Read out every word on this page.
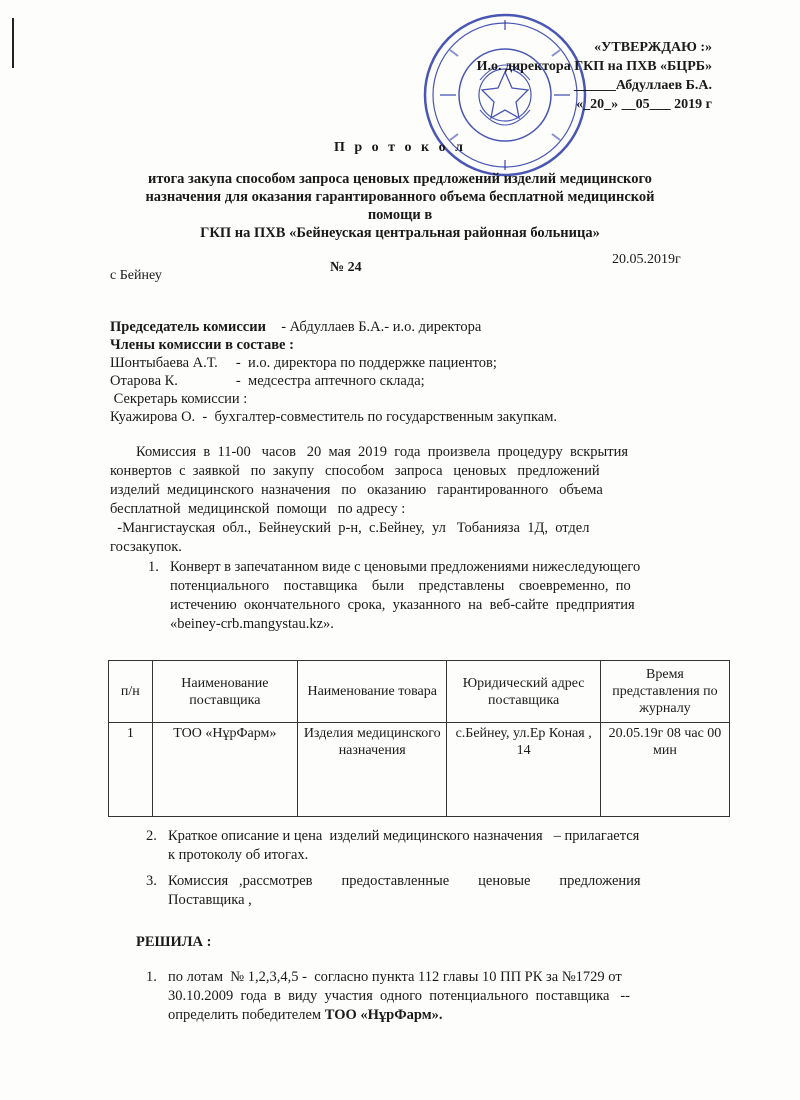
«УТВЕРЖДАЮ :»
И.о. директора ГКП на ПХВ «БЦРБ»
______Абдуллаев Б.А.
«_20_» __05___ 2019 г
П р о т о к о л
итога закупа способом запроса ценовых предложений изделий медицинского
назначения для оказания гарантированного объема бесплатной медицинской
помощи в
ГКП на ПХВ «Бейнеуская центральная районная больница»
с Бейнеу
№ 24
20.05.2019г
Председатель комиссии - Абдуллаев Б.А.- и.о. директора
Члены комиссии в составе :
Шонтыбаева А.Т.     -  и.о. директора по поддержке пациентов;
Отарова К.                -  медсестра аптечного склада;
Секретарь комиссии :
Куажирова О.  -  бухгалтер-совместитель по государственным закупкам.
Комиссия  в  11-00   часов   20  мая  2019  года  произвела  процедуру  вскрытия
конвертов  с  заявкой   по  закупу   способом   запроса   ценовых   предложений
изделий  медицинского  назначения   по   оказанию   гарантированного   объема
бесплатной  медицинской  помощи   по адресу :
-Мангистауская  обл.,  Бейнеуский  р-н,  с.Бейнеу,  ул   Тобанияза  1Д,  отдел
госзакупок.
1. Конверт в запечатанном виде с ценовыми предложениями нижеследующего
потенциального    поставщика    были    представлены    своевременно,  по
истечению  окончательного  срока,  указанного  на  веб-сайте  предприятия
«beiney-crb.mangystau.kz».
п/н	Наименование поставщика	Наименование товара	Юридический адрес поставщика	Время представления по журналу
1	ТОО «НұрФарм»	Изделия медицинского назначения	с.Бейнеу, ул.Ер Коная , 14	20.05.19г 08 час 00 мин
2. Краткое описание и цена  изделий медицинского назначения   – прилагается
к протоколу об итогах.
3. Комиссия   ,рассмотрев        предоставленные        ценовые        предложения
Поставщика ,
РЕШИЛА :
1. по лотам  № 1,2,3,4,5 -  согласно пункта 112 главы 10 ПП РК за №1729 от
30.10.2009  года  в  виду  участия  одного  потенциального  поставщика   --
определить победителем ТОО «НұрФарм».
